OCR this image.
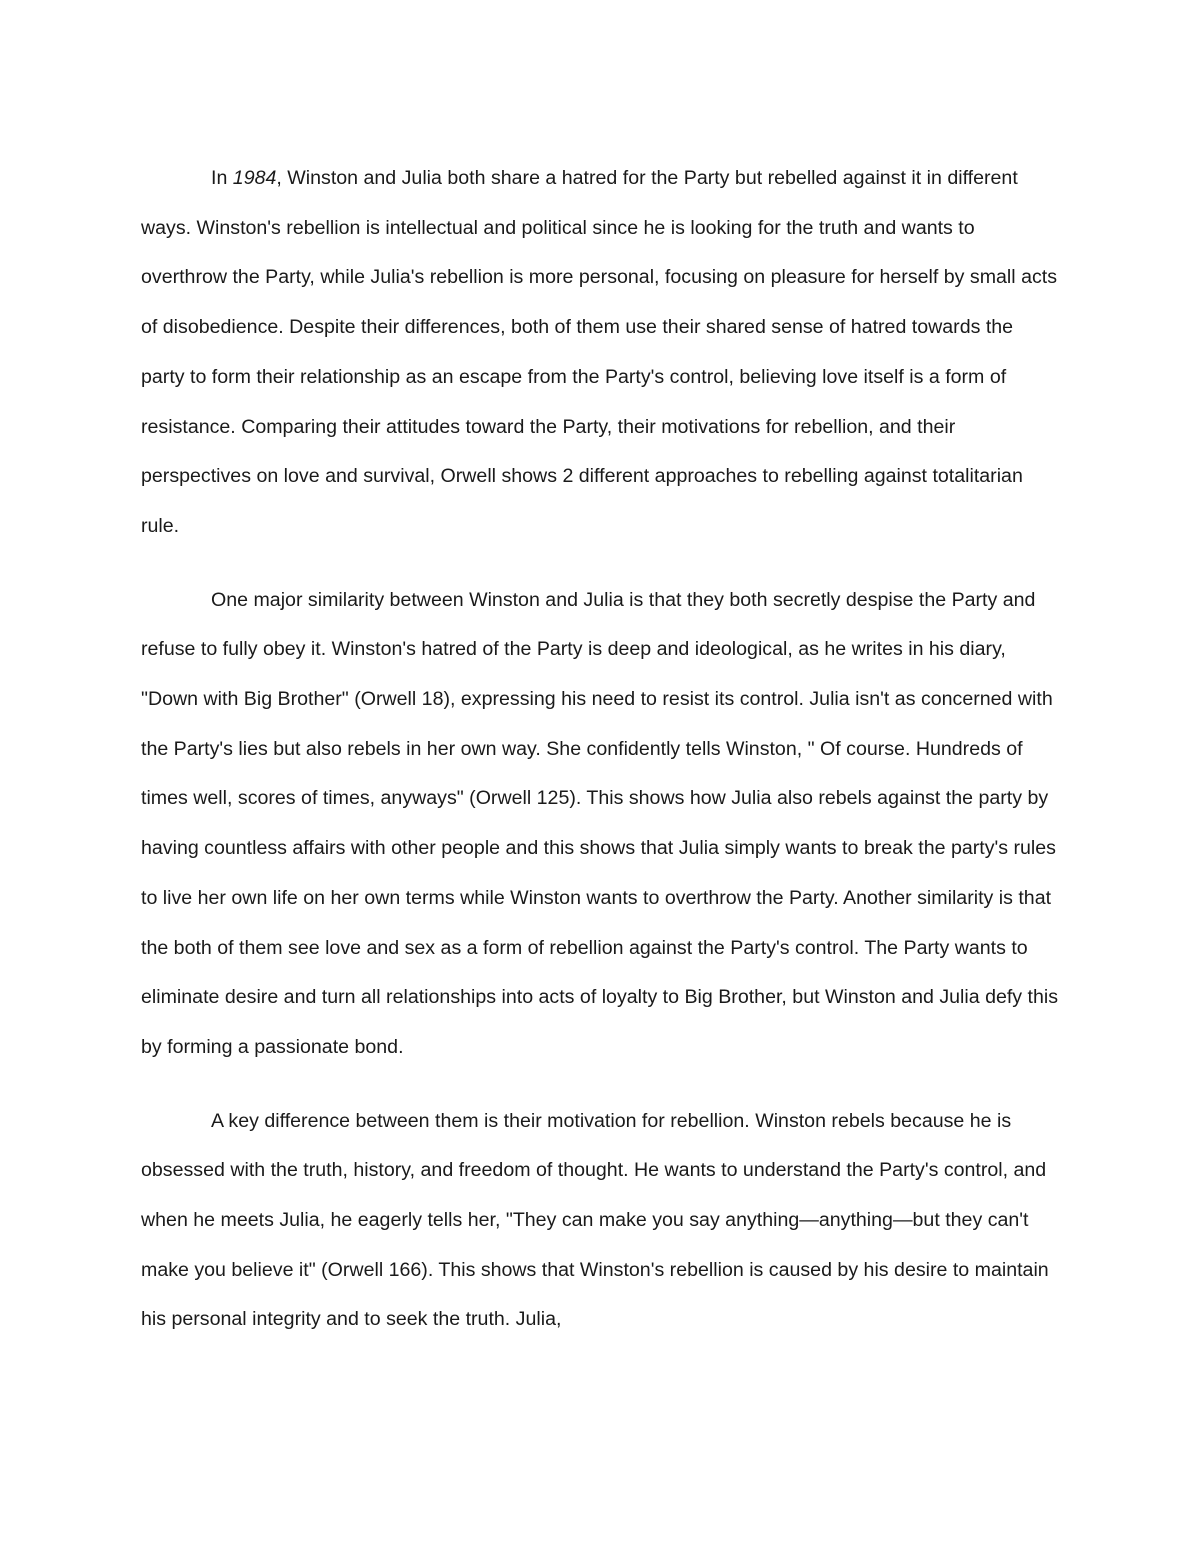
In 1984, Winston and Julia both share a hatred for the Party but rebelled against it in different ways. Winston's rebellion is intellectual and political since he is looking for the truth and wants to overthrow the Party, while Julia's rebellion is more personal, focusing on pleasure for herself by small acts of disobedience. Despite their differences, both of them use their shared sense of hatred towards the party to form their relationship as an escape from the Party's control, believing love itself is a form of resistance. Comparing their attitudes toward the Party, their motivations for rebellion, and their perspectives on love and survival, Orwell shows 2 different approaches to rebelling against totalitarian rule.

One major similarity between Winston and Julia is that they both secretly despise the Party and refuse to fully obey it. Winston's hatred of the Party is deep and ideological, as he writes in his diary, "Down with Big Brother" (Orwell 18), expressing his need to resist its control. Julia isn't as concerned with the Party's lies but also rebels in her own way. She confidently tells Winston, " Of course. Hundreds of times well, scores of times, anyways" (Orwell 125). This shows how Julia also rebels against the party by having countless affairs with other people and this shows that Julia simply wants to break the party's rules to live her own life on her own terms while Winston wants to overthrow the Party. Another similarity is that the both of them see love and sex as a form of rebellion against the Party's control. The Party wants to eliminate desire and turn all relationships into acts of loyalty to Big Brother, but Winston and Julia defy this by forming a passionate bond.

A key difference between them is their motivation for rebellion. Winston rebels because he is obsessed with the truth, history, and freedom of thought. He wants to understand the Party's control, and when he meets Julia, he eagerly tells her, "They can make you say anything—anything—but they can't make you believe it" (Orwell 166). This shows that Winston's rebellion is caused by his desire to maintain his personal integrity and to seek the truth. Julia,
